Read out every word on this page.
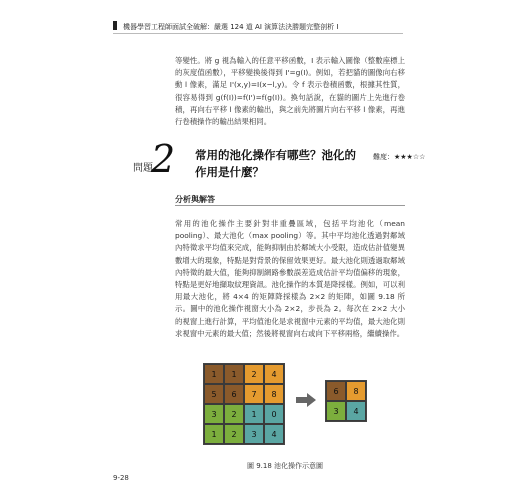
機器學習工程師面試全破解：嚴選 124 道 AI 演算法決勝題完整剖析 Ⅰ
等變性。將 g 視為輸入的任意平移函數，I 表示輸入圖像（整數座標上的灰度值函數），平移變換後得到 I'=g(I)。例如，若把貓的圖像向右移動 l 像素，滿足 I'(x,y)=I(x−l,y)。令 f 表示卷積函數，根據其性質，很容易得到 g(f(I))=f(I')=f(g(I))。換句話說，在貓的圖片上先進行卷積，再向右平移 l 像素的輸出，與之前先將圖片向右平移 l 像素，再進行卷積操作的輸出結果相同。
問題
2 常用的池化操作有哪些？池化的作用是什麼？
難度：★★★☆☆
分析與解答
常用的池化操作主要針對非重疊區域，包括平均池化（mean pooling）、最大池化（max pooling）等。其中平均池化透過對鄰域內特徵求平均值來完成，能夠抑制由於鄰域大小受限，造成估計值變異數增大的現象，特點是對背景的保留效果更好。最大池化則透過取鄰域內特徵的最大值，能夠抑制網路參數誤差造成估計平均值偏移的現象，特點是更好地擷取紋理資訊。池化操作的本質是降採樣。例如，可以利用最大池化，將 4×4 的矩陣降採樣為 2×2 的矩陣，如圖 9.18 所示。圖中的池化操作視窗大小為 2×2，步長為 2。每次在 2×2 大小的視窗上進行計算，平均值池化是求視窗中元素的平均值，最大池化則求視窗中元素的最大值；然後將視窗向右或向下平移兩格，繼續操作。
1	1	2	4
5	6	7	8
3	2	1	0
1	2	3	4
6	8
3	4
圖 9.18 池化操作示意圖
9-28
